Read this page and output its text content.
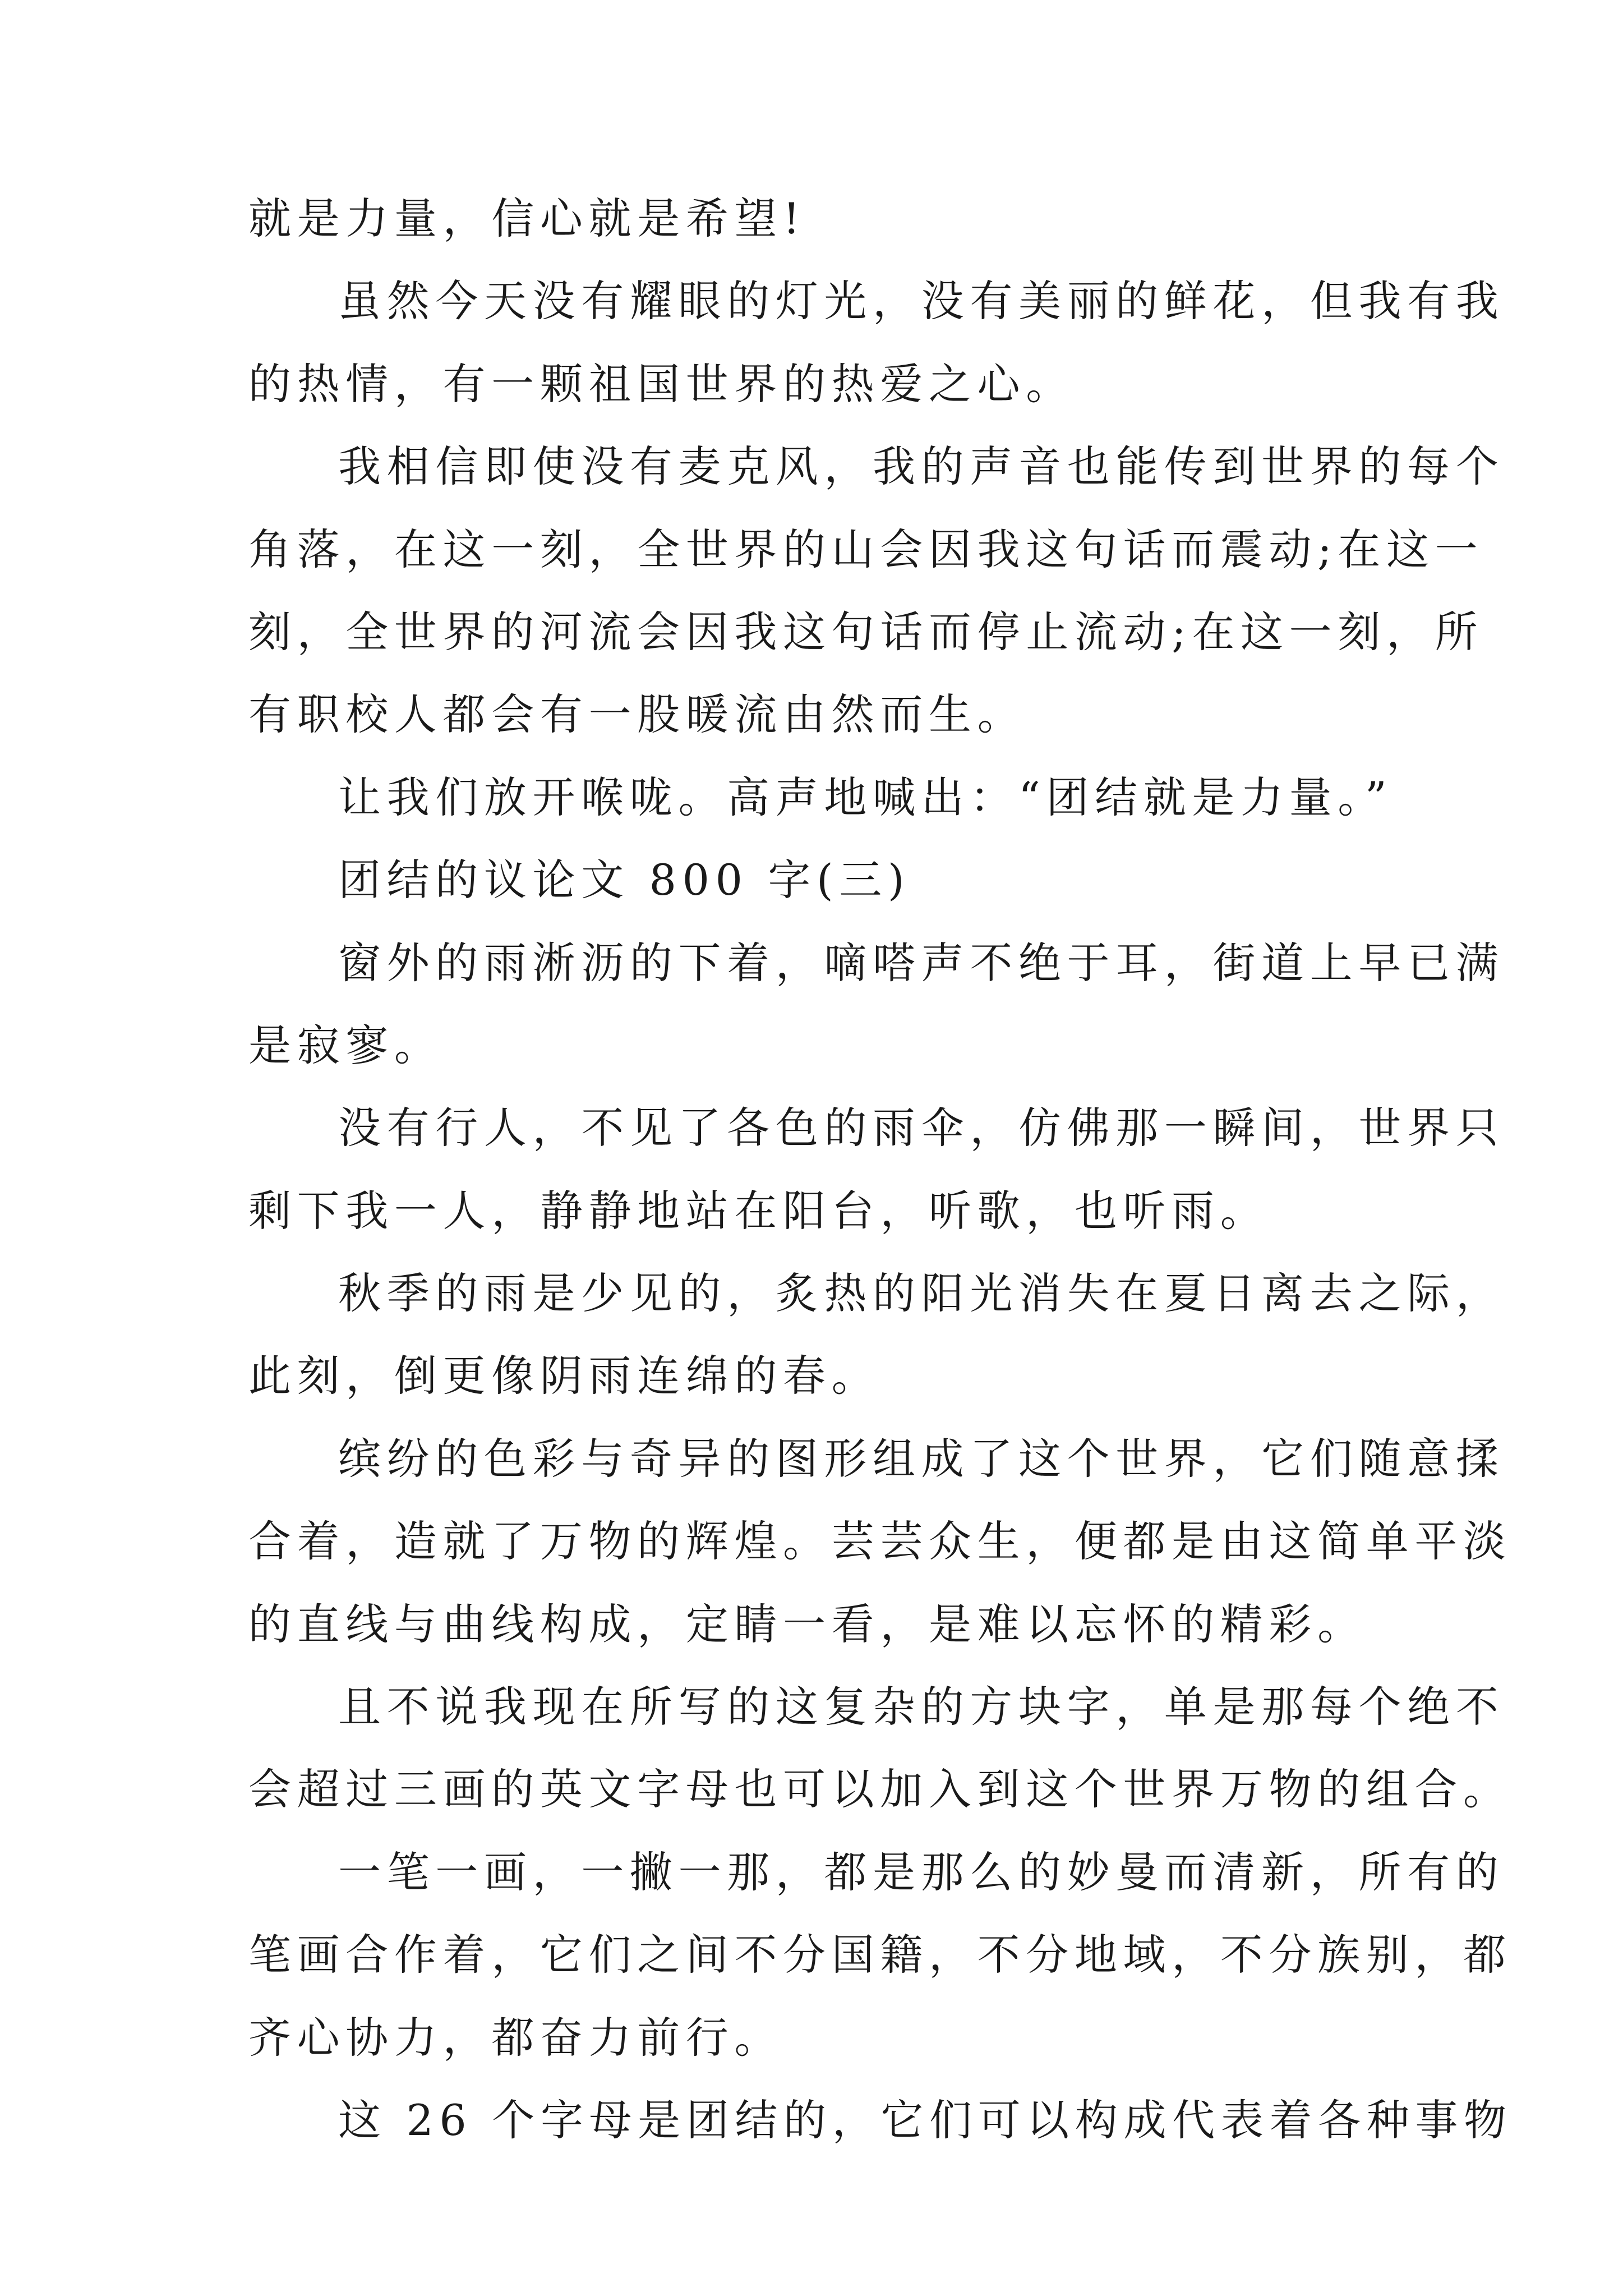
就是力量，信心就是希望!
虽然今天没有耀眼的灯光，没有美丽的鲜花，但我有我
的热情，有一颗祖国世界的热爱之心。
我相信即使没有麦克风，我的声音也能传到世界的每个
角落，在这一刻，全世界的山会因我这句话而震动;在这一
刻，全世界的河流会因我这句话而停止流动;在这一刻，所
有职校人都会有一股暖流由然而生。
让我们放开喉咙。高声地喊出：“团结就是力量。”
团结的议论文 800 字(三)
窗外的雨淅沥的下着，嘀嗒声不绝于耳，街道上早已满
是寂寥。
没有行人，不见了各色的雨伞，仿佛那一瞬间，世界只
剩下我一人，静静地站在阳台，听歌，也听雨。
秋季的雨是少见的，炙热的阳光消失在夏日离去之际，
此刻，倒更像阴雨连绵的春。
缤纷的色彩与奇异的图形组成了这个世界，它们随意揉
合着，造就了万物的辉煌。芸芸众生，便都是由这简单平淡
的直线与曲线构成，定睛一看，是难以忘怀的精彩。
且不说我现在所写的这复杂的方块字，单是那每个绝不
会超过三画的英文字母也可以加入到这个世界万物的组合。
一笔一画，一撇一那，都是那么的妙曼而清新，所有的
笔画合作着，它们之间不分国籍，不分地域，不分族别，都
齐心协力，都奋力前行。
这 26 个字母是团结的，它们可以构成代表着各种事物
